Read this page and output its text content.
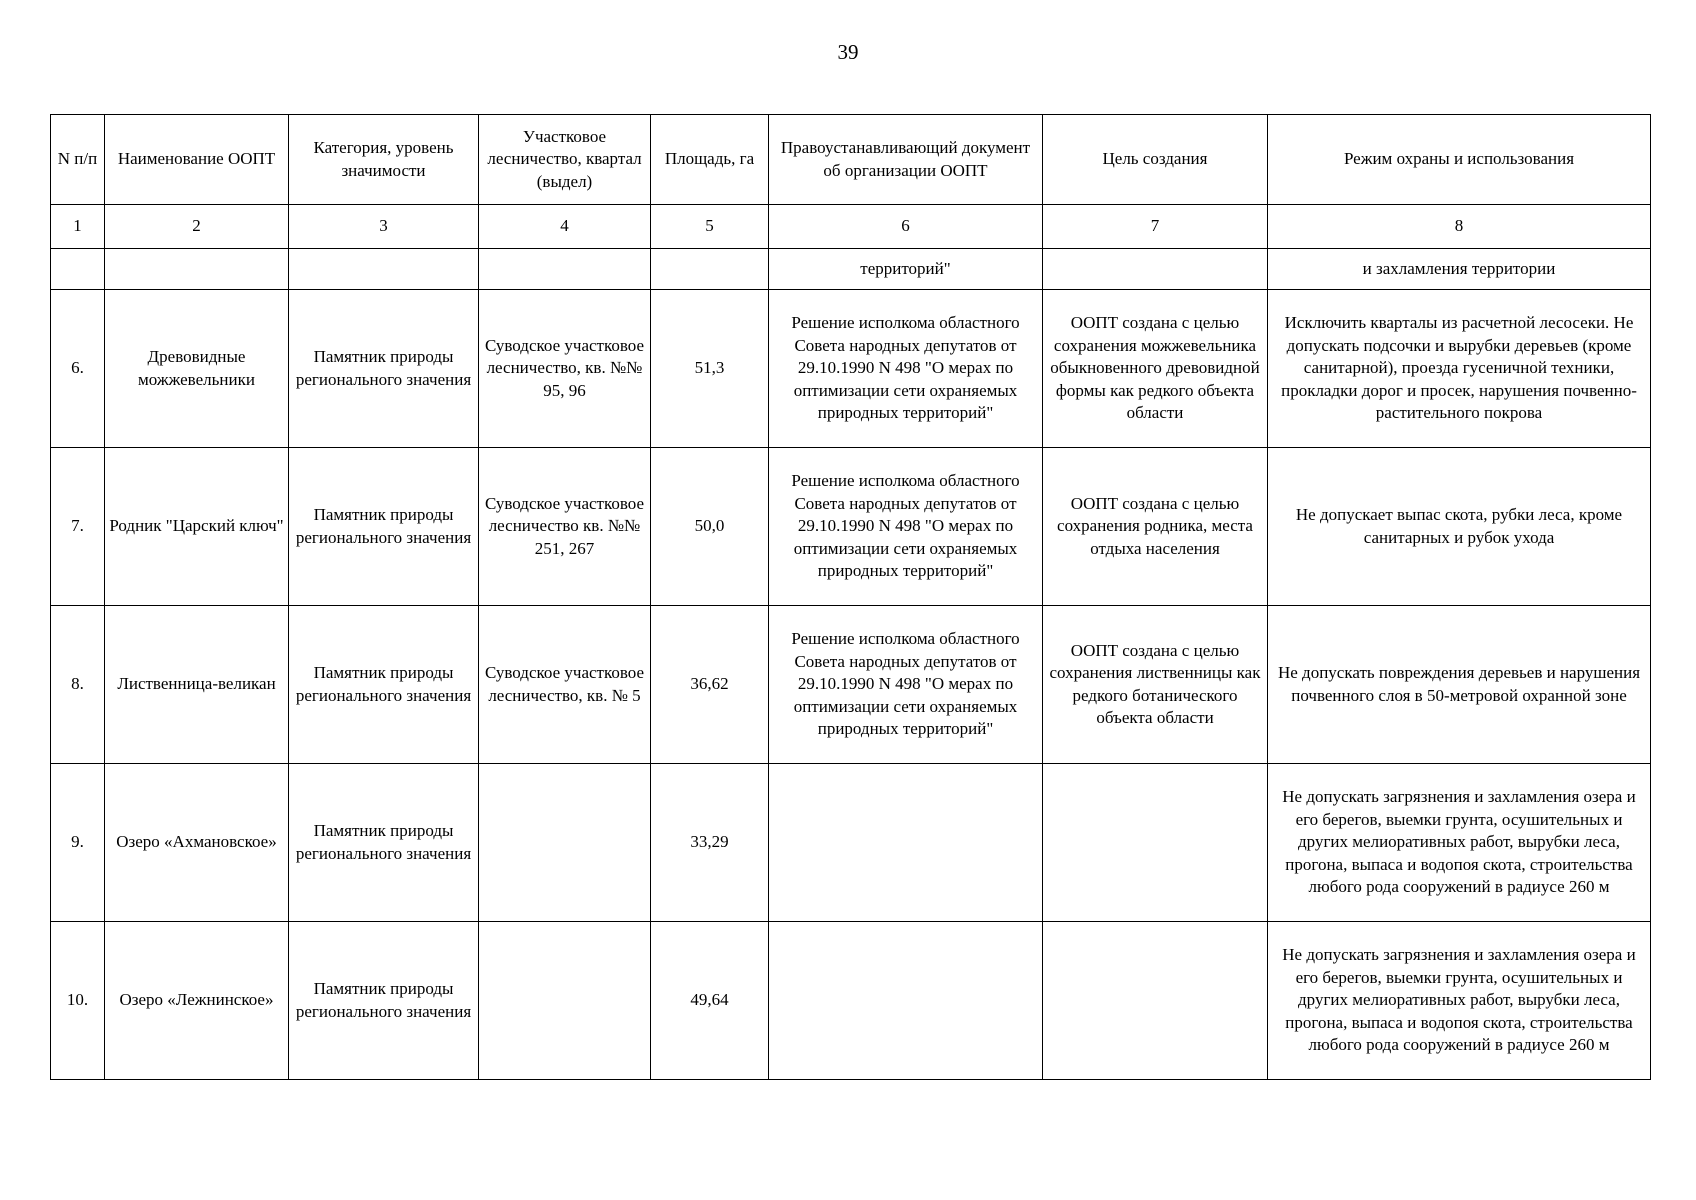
39
N п/п	Наименование ООПТ	Категория, уровень значимости	Участковое лесничество, квартал (выдел)	Площадь, га	Правоустанавливающий документ об организации ООПТ	Цель создания	Режим охраны и использования
1	2	3	4	5	6	7	8
					территорий"		и захламления территории
6.	Древовидные можжевельники	Памятник природы регионального значения	Суводское участковое лесничество, кв. №№ 95, 96	51,3	Решение исполкома областного Совета народных депутатов от 29.10.1990 N 498 "О мерах по оптимизации сети охраняемых природных территорий"	ООПТ создана с целью сохранения можжевельника обыкновенного древовидной формы как редкого объекта области	Исключить кварталы из расчетной лесосеки. Не допускать подсочки и вырубки деревьев (кроме санитарной), проезда гусеничной техники, прокладки дорог и просек, нарушения почвенно-растительного покрова
7.	Родник "Царский ключ"	Памятник природы регионального значения	Суводское участковое лесничество кв. №№ 251, 267	50,0	Решение исполкома областного Совета народных депутатов от 29.10.1990 N 498 "О мерах по оптимизации сети охраняемых природных территорий"	ООПТ создана с целью сохранения родника, места отдыха населения	Не допускает выпас скота, рубки леса, кроме санитарных и рубок ухода
8.	Лиственница-великан	Памятник природы регионального значения	Суводское участковое лесничество, кв. № 5	36,62	Решение исполкома областного Совета народных депутатов от 29.10.1990 N 498 "О мерах по оптимизации сети охраняемых природных территорий"	ООПТ создана с целью сохранения лиственницы как редкого ботанического объекта области	Не допускать повреждения деревьев и нарушения почвенного слоя в 50-метровой охранной зоне
9.	Озеро «Ахмановское»	Памятник природы регионального значения		33,29			Не допускать загрязнения и захламления озера и его берегов, выемки грунта, осушительных и других мелиоративных работ, вырубки леса, прогона, выпаса и водопоя скота, строительства любого рода сооружений в радиусе 260 м
10.	Озеро «Лежнинское»	Памятник природы регионального значения		49,64			Не допускать загрязнения и захламления озера и его берегов, выемки грунта, осушительных и других мелиоративных работ, вырубки леса, прогона, выпаса и водопоя скота, строительства любого рода сооружений в радиусе 260 м
